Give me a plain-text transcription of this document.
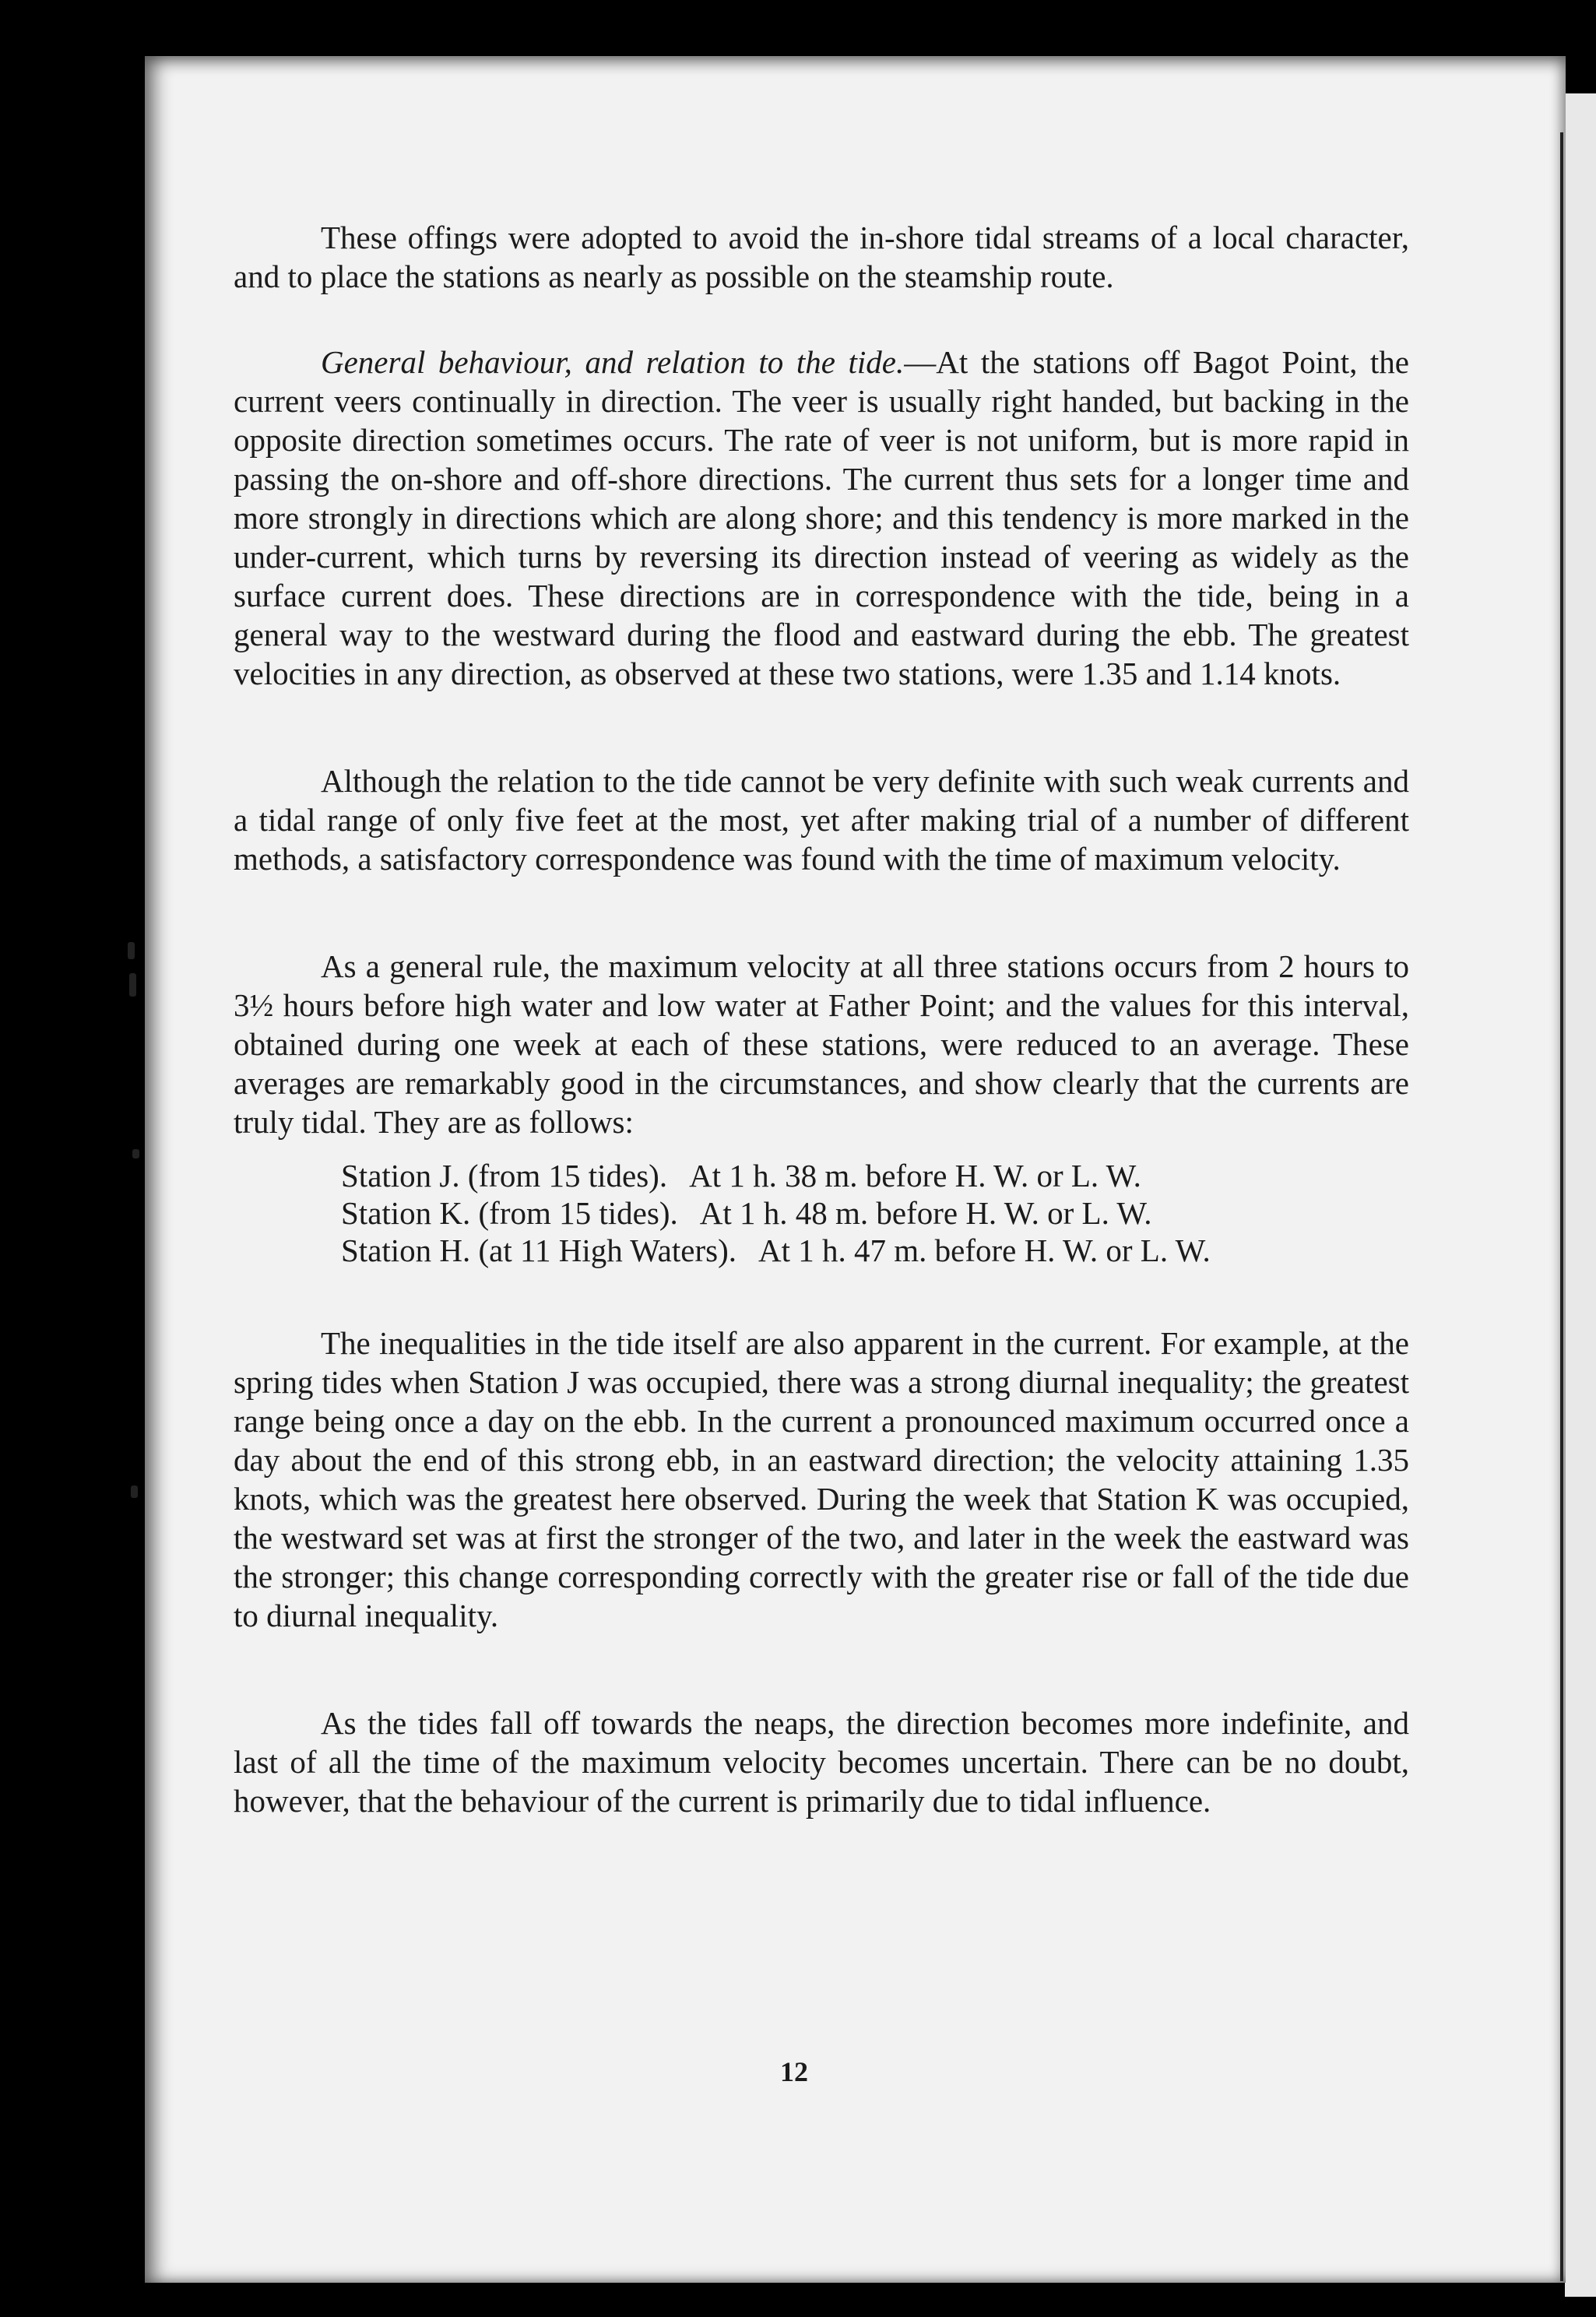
These offings were adopted to avoid the in-shore tidal streams of a local character, and to place the stations as nearly as possible on the steamship route.

General behaviour, and relation to the tide.—At the stations off Bagot Point, the current veers continually in direction. The veer is usually right handed, but backing in the opposite direction sometimes occurs. The rate of veer is not uniform, but is more rapid in passing the on-shore and off-shore directions. The current thus sets for a longer time and more strongly in directions which are along shore; and this tendency is more marked in the under-current, which turns by reversing its direction instead of veering as widely as the surface current does. These directions are in correspondence with the tide, being in a general way to the westward during the flood and eastward during the ebb. The greatest velocities in any direction, as observed at these two stations, were 1.35 and 1.14 knots.

Although the relation to the tide cannot be very definite with such weak currents and a tidal range of only five feet at the most, yet after making trial of a number of different methods, a satisfactory correspondence was found with the time of maximum velocity.

As a general rule, the maximum velocity at all three stations occurs from 2 hours to 3½ hours before high water and low water at Father Point; and the values for this interval, obtained during one week at each of these stations, were reduced to an average. These averages are remarkably good in the circumstances, and show clearly that the currents are truly tidal. They are as follows:

Station J. (from 15 tides). At 1 h. 38 m. before H. W. or L. W.
Station K. (from 15 tides). At 1 h. 48 m. before H. W. or L. W.
Station H. (at 11 High Waters). At 1 h. 47 m. before H. W. or L. W.

The inequalities in the tide itself are also apparent in the current. For example, at the spring tides when Station J was occupied, there was a strong diurnal inequality; the greatest range being once a day on the ebb. In the current a pronounced maximum occurred once a day about the end of this strong ebb, in an eastward direction; the velocity attaining 1.35 knots, which was the greatest here observed. During the week that Station K was occupied, the westward set was at first the stronger of the two, and later in the week the eastward was the stronger; this change corresponding correctly with the greater rise or fall of the tide due to diurnal inequality.

As the tides fall off towards the neaps, the direction becomes more indefinite, and last of all the time of the maximum velocity becomes uncertain. There can be no doubt, however, that the behaviour of the current is primarily due to tidal influence.

12
